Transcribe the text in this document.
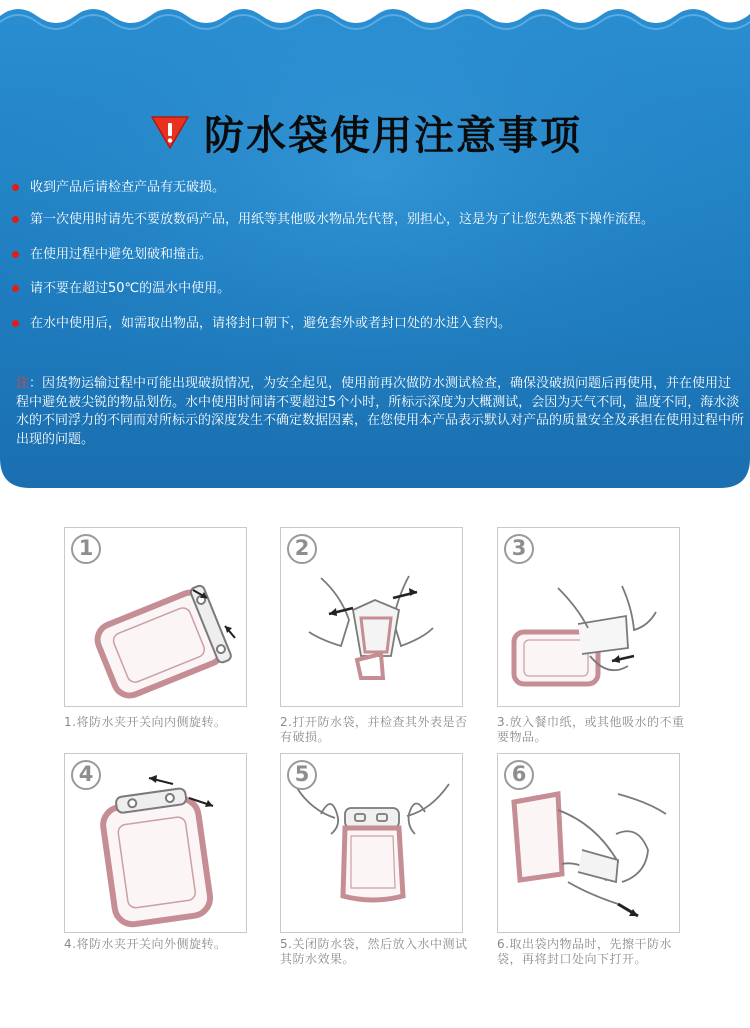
防水袋使用注意事项
收到产品后请检查产品有无破损。
第一次使用时请先不要放数码产品，用纸等其他吸水物品先代替，别担心，这是为了让您先熟悉下操作流程。
在使用过程中避免划破和撞击。
请不要在超过50℃的温水中使用。
在水中使用后，如需取出物品，请将封口朝下，避免套外或者封口处的水进入套内。
注：因货物运输过程中可能出现破损情况，为安全起见，使用前再次做防水测试检查，确保没破损问题后再使用，并在使用过程中避免被尖锐的物品划伤。水中使用时间请不要超过5个小时，所标示深度为大概测试，会因为天气不同，温度不同，海水淡水的不同浮力的不同而对所标示的深度发生不确定数据因素，在您使用本产品表示默认对产品的质量安全及承担在使用过程中所出现的问题。
1	2	3
1.将防水夹开关向内侧旋转。	2.打开防水袋，并检查其外表是否有破损。
3.放入餐巾纸，或其他吸水的不重要物品。
4	5	6
4.将防水夹开关向外侧旋转。	5.关闭防水袋，然后放入水中测试其防水效果。
6.取出袋内物品时，先擦干防水袋，再将封口处向下打开。
